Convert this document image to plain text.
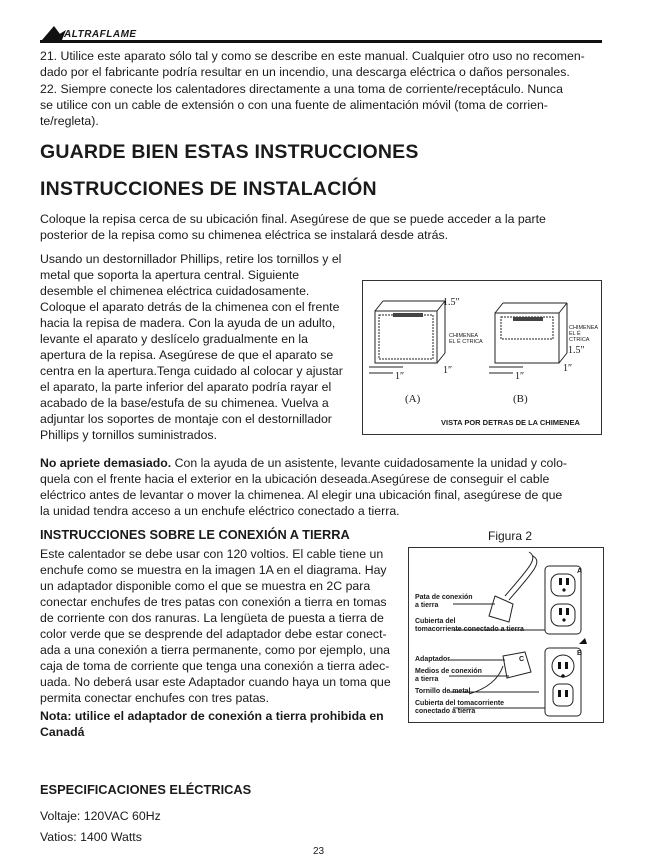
ALTRAFLAME
21. Utilice este aparato sólo tal y como se describe en este manual. Cualquier otro uso no recomen-
dado por el fabricante podría resultar en un incendio, una descarga eléctrica o daños personales.
22. Siempre conecte los calentadores directamente a una toma de corriente/receptáculo. Nunca
se utilice con un cable de extensión o con una fuente de alimentación móvil (toma de corrien-
te/regleta).
GUARDE BIEN ESTAS INSTRUCCIONES
INSTRUCCIONES DE INSTALACIÓN
Coloque la repisa cerca de su ubicación final. Asegúrese de que se puede acceder a la parte
posterior de la repisa como su chimenea eléctrica se instalará desde atrás.
Usando un destornillador Phillips, retire los tornillos y el
metal que soporta la apertura central. Siguiente
desemble el chimenea eléctrica cuidadosamente.
Coloque el aparato detrás de la chimenea con el frente
hacia la repisa de madera. Con la ayuda de un adulto,
levante el aparato y deslícelo gradualmente en la
apertura de la repisa. Asegúrese de que el aparato se
centra en la apertura.Tenga cuidado al colocar y ajustar
el aparato, la parte inferior del aparato podría rayar el
acabado de la base/estufa de su chimenea. Vuelva a
adjuntar los soportes de montaje con el destornillador
Phillips y tornillos suministrados.
1.5″
1.5″
1″
1″
1″
1″
CHIMENEA
EL É CTRICA
CHIMENEA
EL É CTRICA
(A)	(B)
VISTA POR DETRAS DE LA CHIMENEA
No apriete demasiado. Con la ayuda de un asistente, levante cuidadosamente la unidad y colo-
quela con el frente hacia el exterior en la ubicación deseada.Asegúrese de conseguir el cable
eléctrico antes de levantar o mover la chimenea. Al elegir una ubicación final, asegúrese de que
la unidad tendra acceso a un enchufe eléctrico conectado a tierra.
INSTRUCCIONES SOBRE LE CONEXIÓN A TIERRA
Este calentador se debe usar con 120 voltios. El cable tiene un
enchufe como se muestra en la imagen 1A en el diagrama. Hay
un adaptador disponible como el que se muestra en 2C para
conectar enchufes de tres patas con conexión a tierra en tomas
de corriente con dos ranuras. La lengüeta de puesta a tierra de
color verde que se desprende del adaptador debe estar conect-
ada a una conexión a tierra permanente, como por ejemplo, una
caja de toma de corriente que tenga una conexión a tierra adec-
uada. No deberá usar este Adaptador cuando haya un toma que
permita conectar enchufes con tres patas.
Nota: utilice el adaptador de conexión a tierra prohibida en
Canadá
Figura 2
Pata de conexión
a tierra
Cubierta del
tomacorriente conectado a tierra
Adaptador
Medios de conexión
a tierra
Tornillo de metal
Cubierta del tomacorriente
conectado a tierra
A
B
C
ESPECIFICACIONES ELÉCTRICAS
Voltaje: 120VAC 60Hz
Vatios: 1400 Watts
23
